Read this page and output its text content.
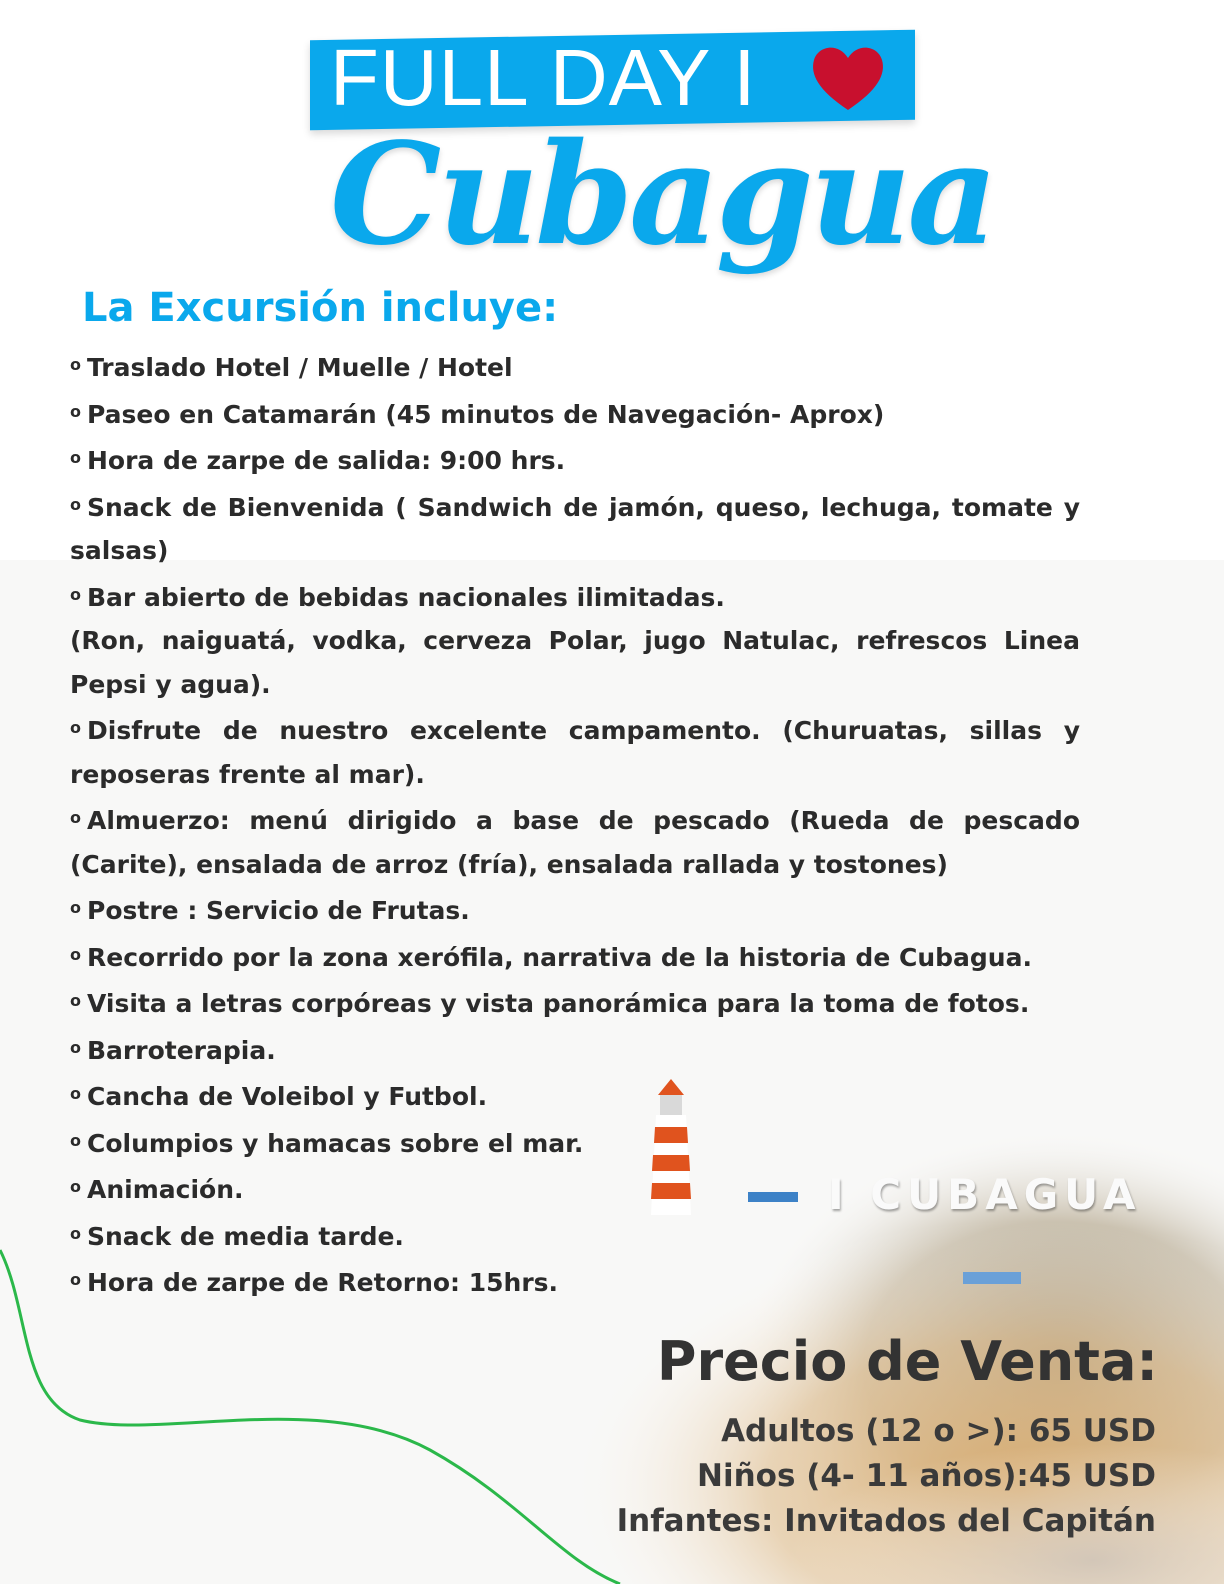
I CUBAGUA
FULL DAY I
Cubagua
La Excursión incluye:

$^o$ Traslado Hotel / Muelle / Hotel

$^o$ Paseo en Catamarán (45 minutos de Navegación- Aprox)

$^o$ Hora de zarpe de salida: 9:00 hrs.

$^o$ Snack de Bienvenida ( Sandwich de jamón, queso, lechuga, tomate y salsas)

$^o$ Bar abierto de bebidas nacionales ilimitadas.

(Ron, naiguatá, vodka, cerveza Polar, jugo Natulac, refrescos Linea Pepsi y agua).

$^o$ Disfrute de nuestro excelente campamento. (Churuatas, sillas y reposeras frente al mar).

$^o$ Almuerzo: menú dirigido a base de pescado (Rueda de pescado (Carite), ensalada de arroz (fría), ensalada rallada y tostones)

$^o$ Postre : Servicio de Frutas.

$^o$ Recorrido por la zona xerófila, narrativa de la historia de Cubagua.

$^o$ Visita a letras corpóreas y vista panorámica para la toma de fotos.

$^o$ Barroterapia.

$^o$ Cancha de Voleibol y Futbol.

$^o$ Columpios y hamacas sobre el mar.

$^o$ Animación.

$^o$ Snack de media tarde.

$^o$ Hora de zarpe de Retorno: 15hrs.

Precio de Venta:
Adultos (12 o >): 65 USD
Niños (4- 11 años):45 USD
Infantes: Invitados del Capitán
